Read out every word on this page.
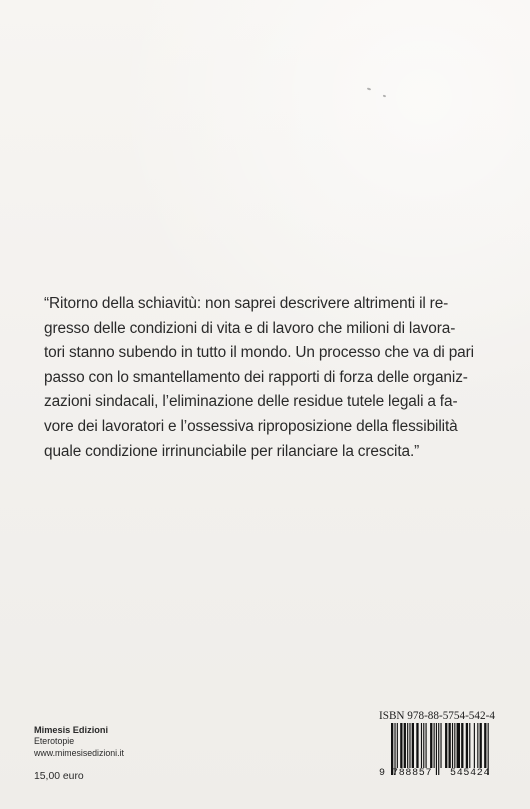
“Ritorno della schiavitù: non saprei descrivere altrimenti il re-
gresso delle condizioni di vita e di lavoro che milioni di lavora-
tori stanno subendo in tutto il mondo. Un processo che va di pari
passo con lo smantellamento dei rapporti di forza delle organiz-
zazioni sindacali, l’eliminazione delle residue tutele legali a fa-
vore dei lavoratori e l’ossessiva riproposizione della flessibilità
quale condizione irrinunciabile per rilanciare la crescita.”

Mimesis Edizioni
Eterotopie
www.mimesisedizioni.it
15,00 euro
ISBN 978-88-5754-542-4
9 788857 545424
